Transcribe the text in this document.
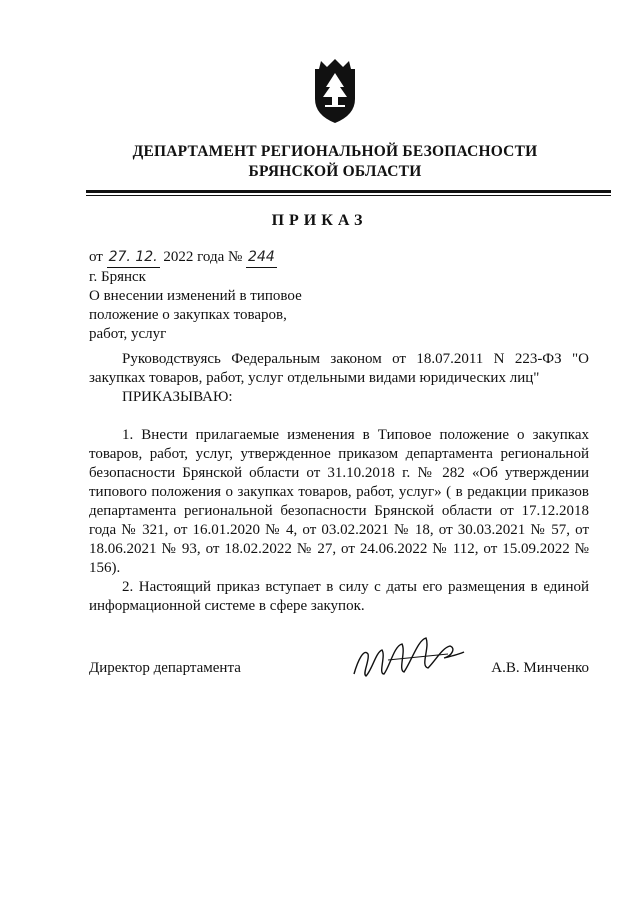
ДЕПАРТАМЕНТ РЕГИОНАЛЬНОЙ БЕЗОПАСНОСТИ
БРЯНСКОЙ ОБЛАСТИ
ПРИКАЗ
от 27. 12. 2022 года № 244
г. Брянск
О внесении изменений в типовое
положение о закупках товаров,
работ, услуг

Руководствуясь Федеральным законом от 18.07.2011 N 223-ФЗ "О закупках товаров, работ, услуг отдельными видами юридических лиц"

ПРИКАЗЫВАЮ:

1. Внести прилагаемые изменения в Типовое положение о закупках товаров, работ, услуг, утвержденное приказом департамента региональной безопасности Брянской области от 31.10.2018 г. № 282 «Об утверждении типового положения о закупках товаров, работ, услуг» ( в редакции приказов департамента региональной безопасности Брянской области от 17.12.2018 года № 321, от 16.01.2020 № 4, от 03.02.2021 № 18, от 30.03.2021 № 57, от 18.06.2021 № 93, от 18.02.2022 № 27, от 24.06.2022 № 112, от 15.09.2022 № 156).

2. Настоящий приказ вступает в силу с даты его размещения в единой информационной системе в сфере закупок.

Директор департамента	А.В. Минченко
